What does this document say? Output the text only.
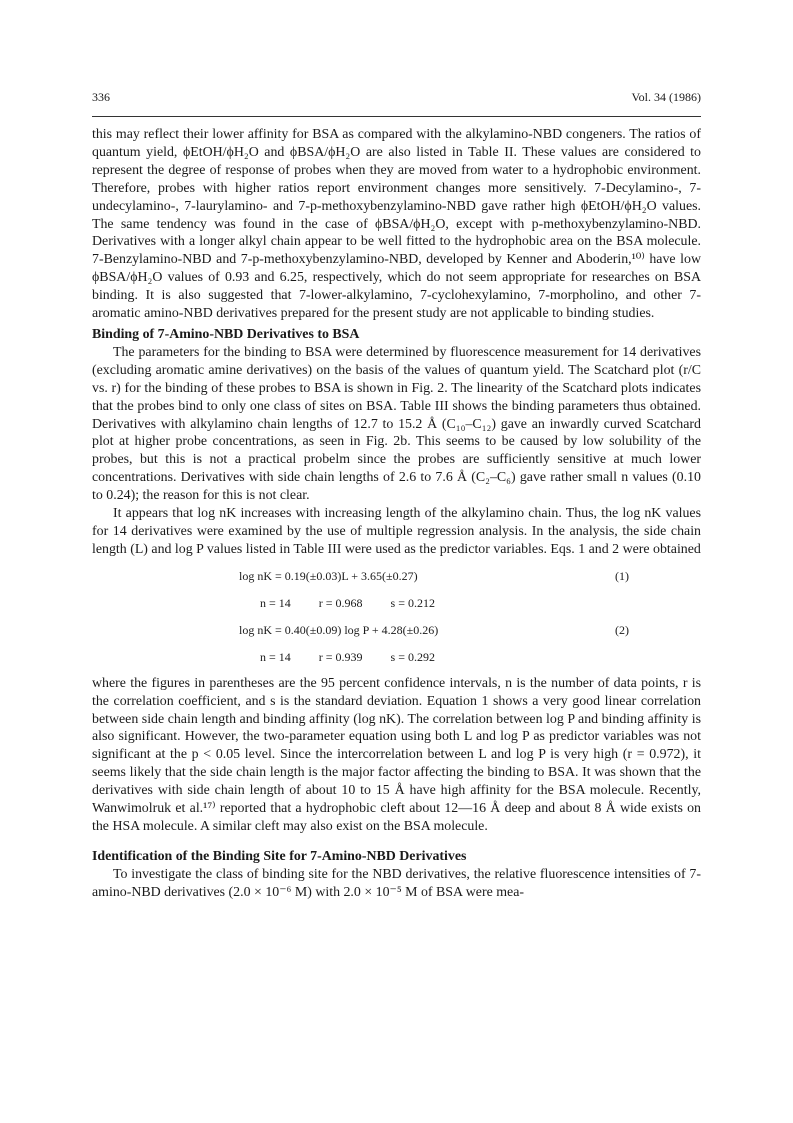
336	Vol. 34 (1986)

this may reflect their lower affinity for BSA as compared with the alkylamino-NBD congeners. The ratios of quantum yield, ϕEtOH/ϕH₂O and ϕBSA/ϕH₂O are also listed in Table II. These values are considered to represent the degree of response of probes when they are moved from water to a hydrophobic environment. Therefore, probes with higher ratios report environment changes more sensitively. 7-Decylamino-, 7-undecylamino-, 7-laurylamino- and 7-p-methoxybenzylamino-NBD gave rather high ϕEtOH/ϕH₂O values. The same tendency was found in the case of ϕBSA/ϕH₂O, except with p-methoxybenzylamino-NBD. Derivatives with a longer alkyl chain appear to be well fitted to the hydrophobic area on the BSA molecule. 7-Benzylamino-NBD and 7-p-methoxybenzylamino-NBD, developed by Kenner and Aboderin,¹⁰⁾ have low ϕBSA/ϕH₂O values of 0.93 and 6.25, respectively, which do not seem appropriate for researches on BSA binding. It is also suggested that 7-lower-alkylamino, 7-cyclohexylamino, 7-morpholino, and other 7-aromatic amino-NBD derivatives prepared for the present study are not applicable to binding studies.

Binding of 7-Amino-NBD Derivatives to BSA

The parameters for the binding to BSA were determined by fluorescence measurement for 14 derivatives (excluding aromatic amine derivatives) on the basis of the values of quantum yield. The Scatchard plot (r/C vs. r) for the binding of these probes to BSA is shown in Fig. 2. The linearity of the Scatchard plots indicates that the probes bind to only one class of sites on BSA. Table III shows the binding parameters thus obtained. Derivatives with alkylamino chain lengths of 12.7 to 15.2 Å (C₁₀–C₁₂) gave an inwardly curved Scatchard plot at higher probe concentrations, as seen in Fig. 2b. This seems to be caused by low solubility of the probes, but this is not a practical probelm since the probes are sufficiently sensitive at much lower concentrations. Derivatives with side chain lengths of 2.6 to 7.6 Å (C₂–C₆) gave rather small n values (0.10 to 0.24); the reason for this is not clear.

It appears that log nK increases with increasing length of the alkylamino chain. Thus, the log nK values for 14 derivatives were examined by the use of multiple regression analysis. In the analysis, the side chain length (L) and log P values listed in Table III were used as the predictor variables. Eqs. 1 and 2 were obtained

log nK = 0.19(±0.03)L + 3.65(±0.27)	(1)
n = 14 r = 0.968 s = 0.212
log nK = 0.40(±0.09) log P + 4.28(±0.26)	(2)
n = 14 r = 0.939 s = 0.292

where the figures in parentheses are the 95 percent confidence intervals, n is the number of data points, r is the correlation coefficient, and s is the standard deviation. Equation 1 shows a very good linear correlation between side chain length and binding affinity (log nK). The correlation between log P and binding affinity is also significant. However, the two-parameter equation using both L and log P as predictor variables was not significant at the p < 0.05 level. Since the intercorrelation between L and log P is very high (r = 0.972), it seems likely that the side chain length is the major factor affecting the binding to BSA. It was shown that the derivatives with side chain length of about 10 to 15 Å have high affinity for the BSA molecule. Recently, Wanwimolruk et al.¹⁷⁾ reported that a hydrophobic cleft about 12—16 Å deep and about 8 Å wide exists on the HSA molecule. A similar cleft may also exist on the BSA molecule.

Identification of the Binding Site for 7-Amino-NBD Derivatives

To investigate the class of binding site for the NBD derivatives, the relative fluorescence intensities of 7-amino-NBD derivatives (2.0 × 10⁻⁶ M) with 2.0 × 10⁻⁵ M of BSA were mea-
